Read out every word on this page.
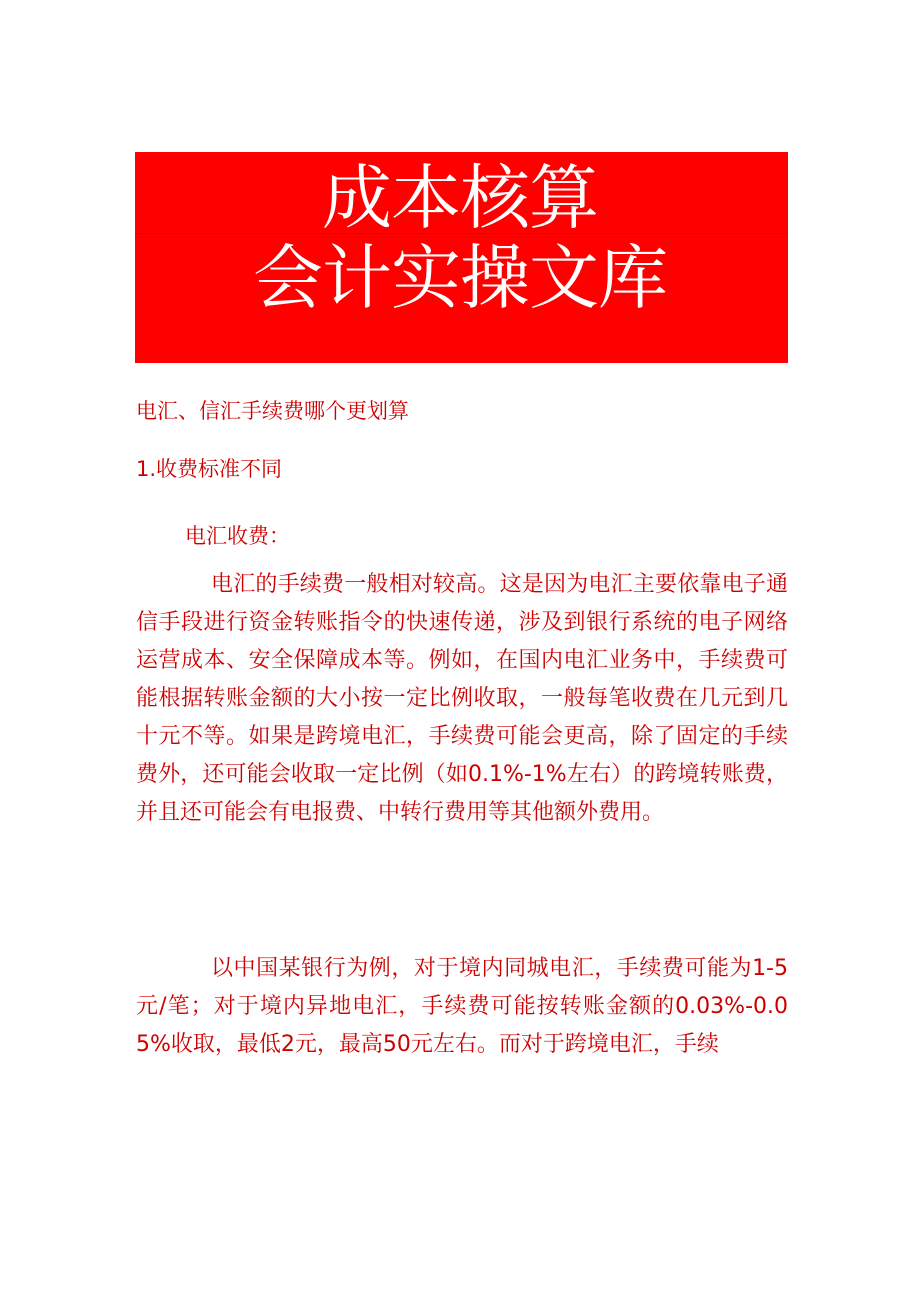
成本核算
会计实操文库
电汇、信汇手续费哪个更划算
1.收费标准不同
电汇收费：

电汇的手续费一般相对较高。这是因为电汇主要依靠电子通信手段进行资金转账指令的快速传递，涉及到银行系统的电子网络运营成本、安全保障成本等。例如，在国内电汇业务中，手续费可能根据转账金额的大小按一定比例收取，一般每笔收费在几元到几十元不等。如果是跨境电汇，手续费可能会更高，除了固定的手续费外，还可能会收取一定比例（如0.1%-1%左右）的跨境转账费，并且还可能会有电报费、中转行费用等其他额外费用。

以中国某银行为例，对于境内同城电汇，手续费可能为1-5元/笔；对于境内异地电汇，手续费可能按转账金额的0.03%-0.05%收取，最低2元，最高50元左右。而对于跨境电汇，手续
